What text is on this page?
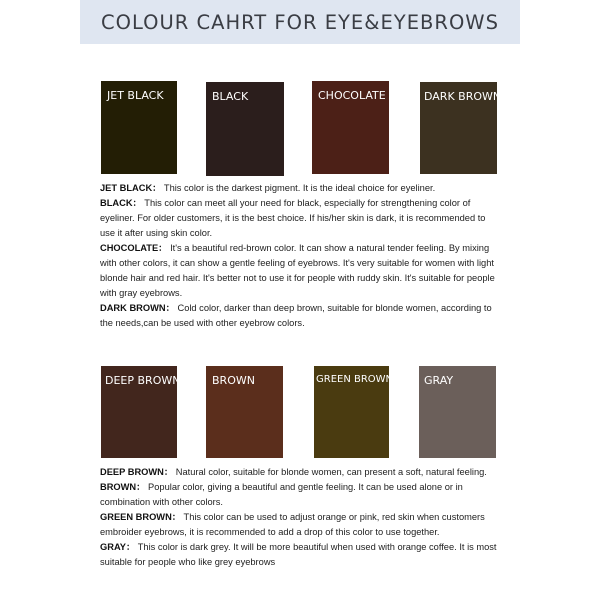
COLOUR CAHRT FOR EYE&EYEBROWS
JET BLACK	BLACK	CHOCOLATE	DARK BROWN

JET BLACK： This color is the darkest pigment. It is the ideal choice for eyeliner.

BLACK： This color can meet all your need for black, especially for strengthening color of eyeliner. For older customers, it is the best choice. If his/her skin is dark, it is recommended to use it after using skin color.

CHOCOLATE： It's a beautiful red-brown color. It can show a natural tender feeling. By mixing with other colors, it can show a gentle feeling of eyebrows. It's very suitable for women with light blonde hair and red hair. It's better not to use it for people with ruddy skin. It's suitable for people with gray eyebrows.

DARK BROWN： Cold color, darker than deep brown, suitable for blonde women, according to the needs,can be used with other eyebrow colors.

DEEP BROWN	BROWN	GREEN BROWN	GRAY

DEEP BROWN： Natural color, suitable for blonde women, can present a soft, natural feeling.

BROWN： Popular color, giving a beautiful and gentle feeling. It can be used alone or in combination with other colors.

GREEN BROWN： This color can be used to adjust orange or pink, red skin when customers embroider eyebrows, it is recommended to add a drop of this color to use together.

GRAY： This color is dark grey. It will be more beautiful when used with orange coffee. It is most suitable for people who like grey eyebrows
